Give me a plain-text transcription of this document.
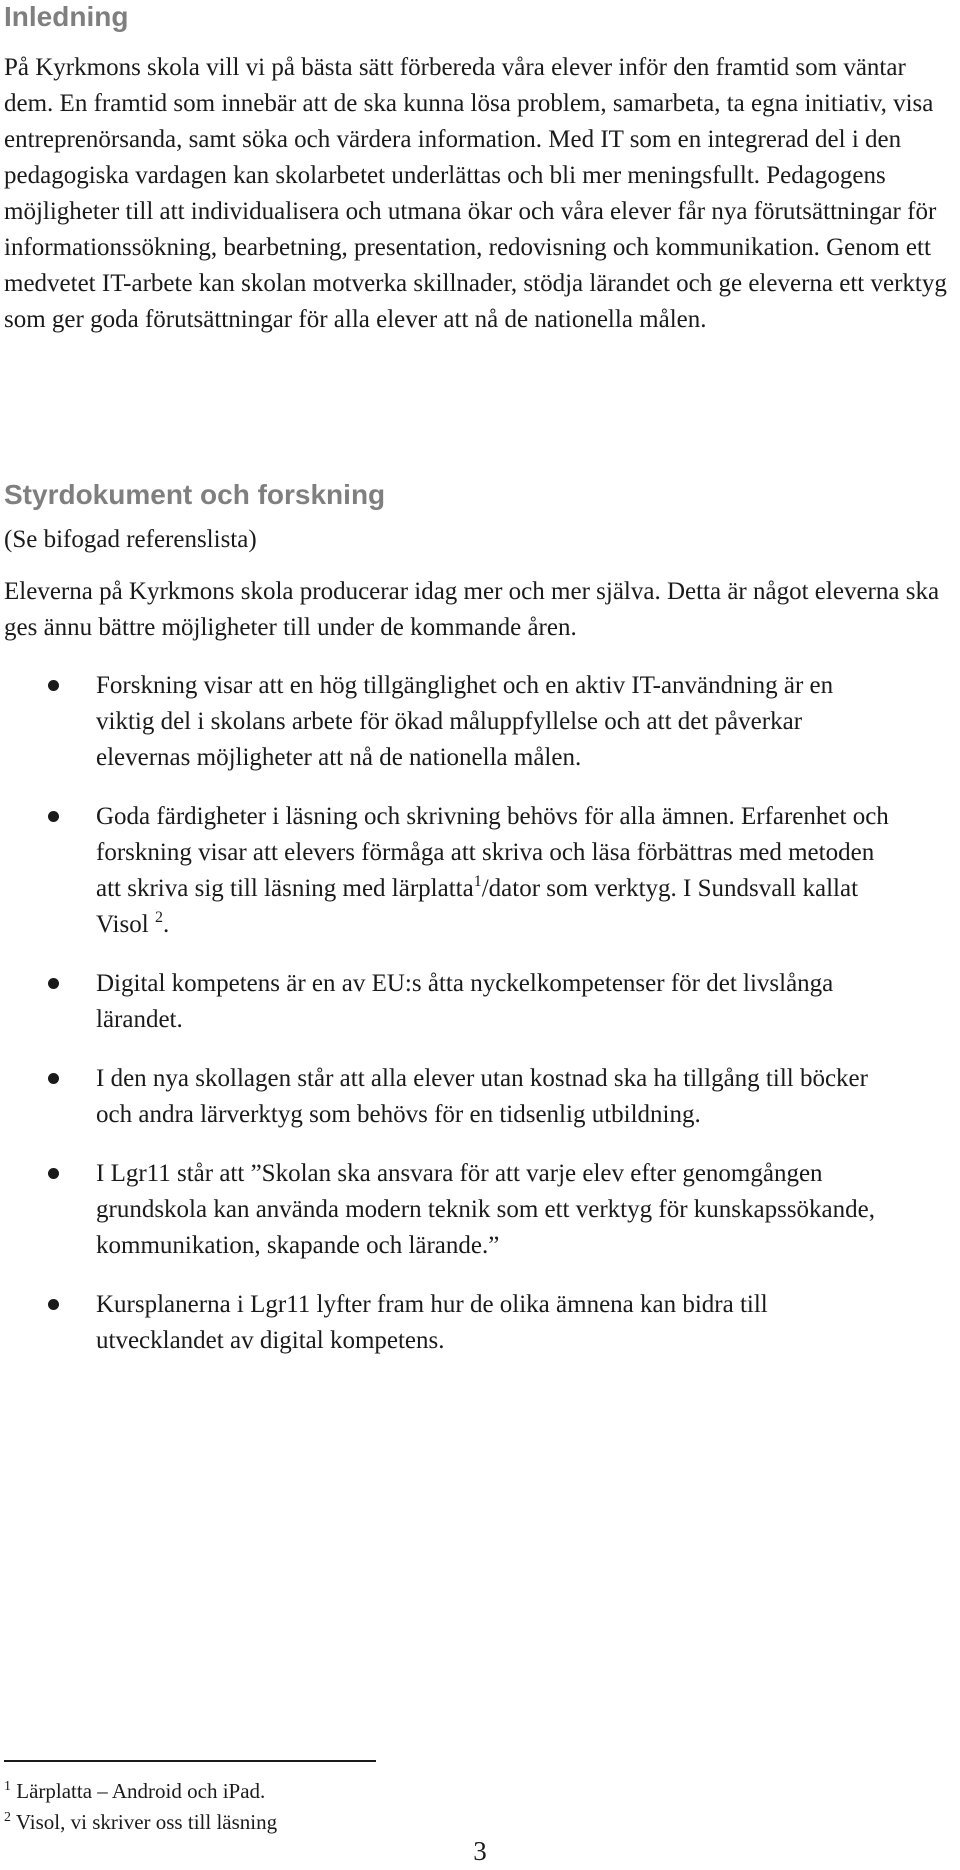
Inledning

På Kyrkmons skola vill vi på bästa sätt förbereda våra elever inför den framtid som väntar dem. En framtid som innebär att de ska kunna lösa problem, samarbeta, ta egna initiativ, visa entreprenörsanda, samt söka och värdera information. Med IT som en integrerad del i den pedagogiska vardagen kan skolarbetet underlättas och bli mer meningsfullt. Pedagogens möjligheter till att individualisera och utmana ökar och våra elever får nya förutsättningar för informationssökning, bearbetning, presentation, redovisning och kommunikation. Genom ett medvetet IT-arbete kan skolan motverka skillnader, stödja lärandet och ge eleverna ett verktyg som ger goda förutsättningar för alla elever att nå de nationella målen.

Styrdokument och forskning

(Se bifogad referenslista)

Eleverna på Kyrkmons skola producerar idag mer och mer själva. Detta är något eleverna ska ges ännu bättre möjligheter till under de kommande åren.

Forskning visar att en hög tillgänglighet och en aktiv IT-användning är en viktig del i skolans arbete för ökad måluppfyllelse och att det påverkar elevernas möjligheter att nå de nationella målen.
Goda färdigheter i läsning och skrivning behövs för alla ämnen. Erfarenhet och forskning visar att elevers förmåga att skriva och läsa förbättras med metoden att skriva sig till läsning med lärplatta$^1$/dator som verktyg. I Sundsvall kallat Visol $^2$.
Digital kompetens är en av EU:s åtta nyckelkompetenser för det livslånga lärandet.
I den nya skollagen står att alla elever utan kostnad ska ha tillgång till böcker och andra lärverktyg som behövs för en tidsenlig utbildning.
I Lgr11 står att ”Skolan ska ansvara för att varje elev efter genomgången grundskola kan använda modern teknik som ett verktyg för kunskapssökande, kommunikation, skapande och lärande.”
Kursplanerna i Lgr11 lyfter fram hur de olika ämnena kan bidra till utvecklandet av digital kompetens.
$^1$ Lärplatta – Android och iPad.
$^2$ Visol, vi skriver oss till läsning
3
